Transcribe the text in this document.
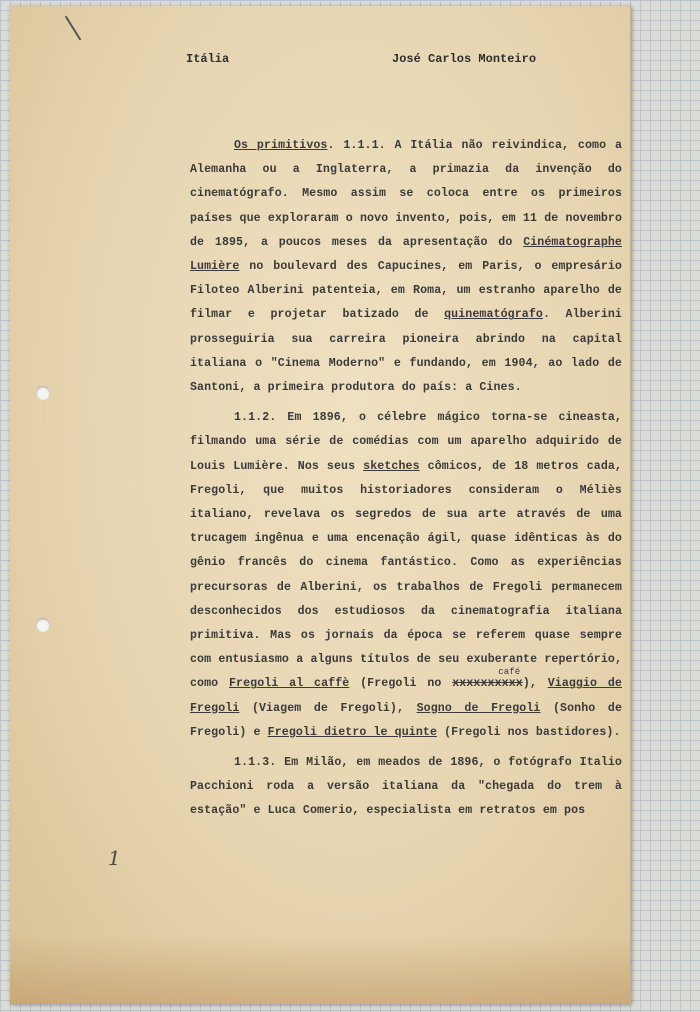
Itália	José Carlos Monteiro

Os primitivos. 1.1.1. A Itália não reivindica, como a Alemanha ou a Inglaterra, a primazia da invenção do cinematógrafo. Mesmo assim se coloca entre os primeiros países que exploraram o novo invento, pois, em 11 de novembro de 1895, a poucos meses da apresentação do Cinématographe Lumière no boulevard des Capucines, em Paris, o empresário Filoteo Alberini patenteia, em Roma, um estranho aparelho de filmar e projetar batizado de quinematógrafo. Alberini prosseguiria sua carreira pioneira abrindo na capital italiana o "Cinema Moderno" e fundando, em 1904, ao lado de Santoni, a primeira produtora do país: a Cines.

1.1.2. Em 1896, o célebre mágico torna-se cineasta, filmando uma série de comédias com um aparelho adquirido de Louis Lumière. Nos seus sketches cômicos, de 18 metros cada, Fregoli, que muitos historiadores consideram o Méliès italiano, revelava os segredos de sua arte através de uma trucagem ingênua e uma encenação ágil, quase idênticas às do gênio francês do cinema fantástico. Como as experiências precursoras de Alberini, os trabalhos de Fregoli permanecem desconhecidos dos estudiosos da cinematografia italiana primitiva. Mas os jornais da época se referem quase sempre com entusiasmo a alguns títulos de seu exuberante repertório, como Fregoli al caffè (Fregoli no
café
xxxxxxxxxx), Viaggio de Fregoli (Viagem de Fregoli), Sogno de Fregoli (Sonho de Fregoli) e Fregoli dietro le quinte (Fregoli nos bastidores).

1.1.3. Em Milão, em meados de 1896, o fotógrafo Italio Pacchioni roda a versão italiana da "chegada do trem à estação" e Luca Comerio, especialista em retratos em pos

1
